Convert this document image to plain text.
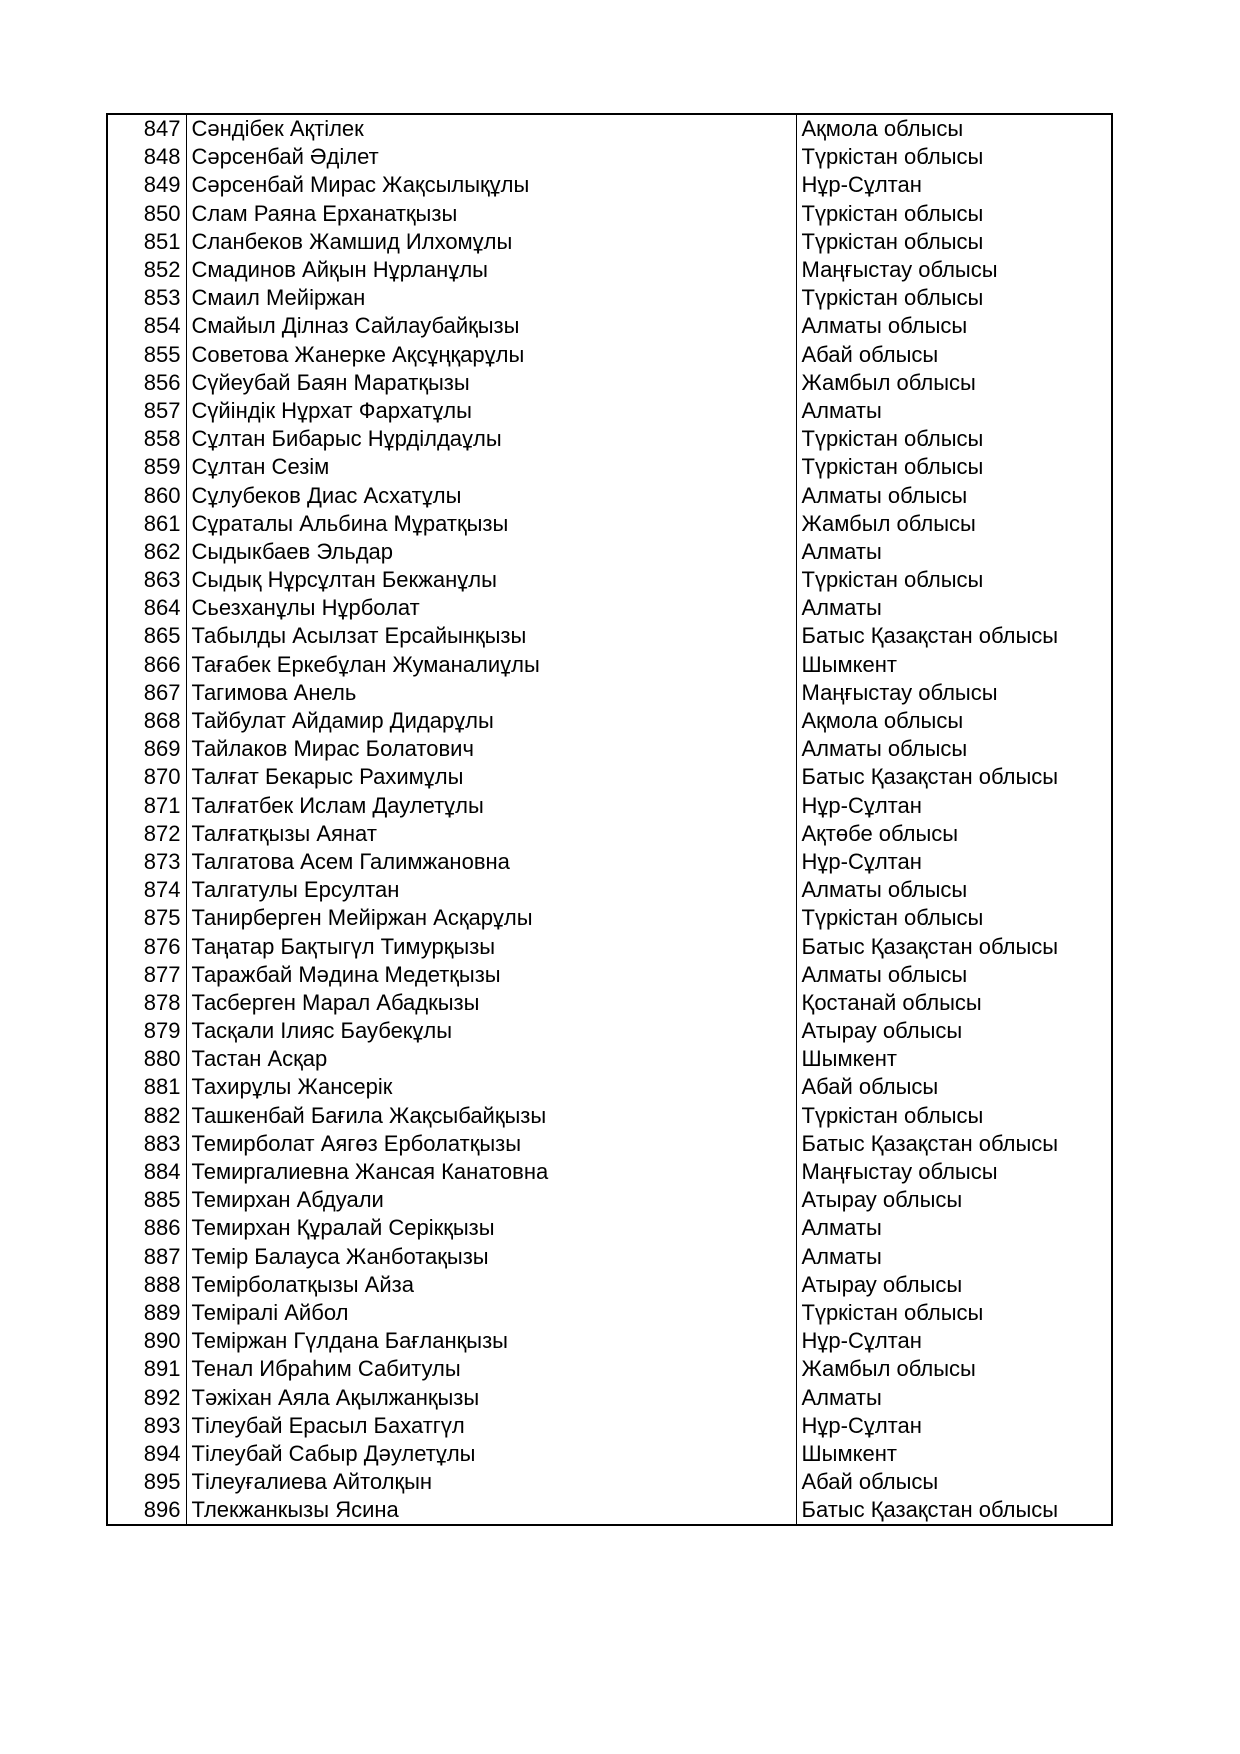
847	Сәндібек Ақтілек	Ақмола облысы
848	Сәрсенбай Әділет	Түркістан облысы
849	Сәрсенбай Мирас Жақсылықұлы	Нұр-Сұлтан
850	Слам Раяна Ерханатқызы	Түркістан облысы
851	Сланбеков Жамшид Илхомұлы	Түркістан облысы
852	Смадинов Айқын Нұрланұлы	Маңғыстау облысы
853	Смаил Мейіржан	Түркістан облысы
854	Смайыл Ділназ Сайлаубайқызы	Алматы облысы
855	Советова Жанерке Ақсұңқарұлы	Абай облысы
856	Сүйеубай Баян Маратқызы	Жамбыл облысы
857	Сүйіндік Нұрхат Фархатұлы	Алматы
858	Сұлтан Бибарыс Нұрділдаұлы	Түркістан облысы
859	Сұлтан Сезім	Түркістан облысы
860	Сұлубеков Диас Асхатұлы	Алматы облысы
861	Сұраталы Альбина Мұратқызы	Жамбыл облысы
862	Сыдыкбаев Эльдар	Алматы
863	Сыдық Нұрсұлтан Бекжанұлы	Түркістан облысы
864	Сьезханұлы Нұрболат	Алматы
865	Табылды Асылзат Ерсайынқызы	Батыс Қазақстан облысы
866	Тағабек Еркебұлан Жуманалиұлы	Шымкент
867	Тагимова Анель	Маңғыстау облысы
868	Тайбулат Айдамир Дидарұлы	Ақмола облысы
869	Тайлаков Мирас Болатович	Алматы облысы
870	Талғат Бекарыс Рахимұлы	Батыс Қазақстан облысы
871	Талғатбек Ислам Даулетұлы	Нұр-Сұлтан
872	Талғатқызы Аянат	Ақтөбе облысы
873	Талгатова Асем Галимжановна	Нұр-Сұлтан
874	Талгатулы Ерсултан	Алматы облысы
875	Танирберген Мейіржан Асқарұлы	Түркістан облысы
876	Таңатар Бақтыгүл Тимурқызы	Батыс Қазақстан облысы
877	Таражбай Мәдина Медетқызы	Алматы облысы
878	Тасберген Марал Абадкызы	Қостанай облысы
879	Тасқали Ілияс Баубекұлы	Атырау облысы
880	Тастан Асқар	Шымкент
881	Тахирұлы Жансерік	Абай облысы
882	Ташкенбай Бағила Жақсыбайқызы	Түркістан облысы
883	Темирболат Аягөз Ерболатқызы	Батыс Қазақстан облысы
884	Темиргалиевна Жансая Канатовна	Маңғыстау облысы
885	Темирхан Абдуали	Атырау облысы
886	Темирхан Құралай Серікқызы	Алматы
887	Темір Балауса Жанботақызы	Алматы
888	Темірболатқызы Айза	Атырау облысы
889	Теміралі Айбол	Түркістан облысы
890	Теміржан Гүлдана Бағланқызы	Нұр-Сұлтан
891	Тенал Ибраһим Сабитулы	Жамбыл облысы
892	Тәжіхан Аяла Ақылжанқызы	Алматы
893	Тілеубай Ерасыл Бахатгүл	Нұр-Сұлтан
894	Тілеубай Сабыр Дәулетұлы	Шымкент
895	Тілеуғалиева Айтолқын	Абай облысы
896	Тлекжанкызы Ясина	Батыс Қазақстан облысы
